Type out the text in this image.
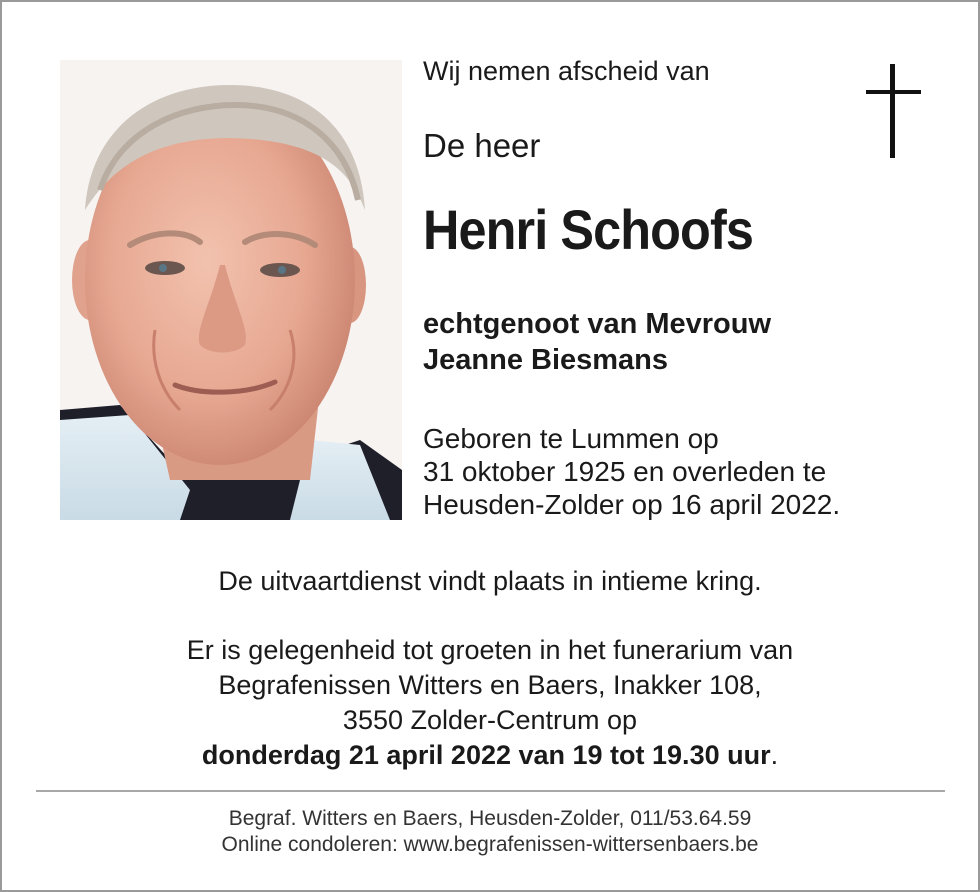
Wij nemen afscheid van
De heer
Henri Schoofs
echtgenoot van Mevrouw
Jeanne Biesmans
Geboren te Lummen op
31 oktober 1925 en overleden te
Heusden-Zolder op 16 april 2022.
De uitvaartdienst vindt plaats in intieme kring.
Er is gelegenheid tot groeten in het funerarium van
Begrafenissen Witters en Baers, Inakker 108,
3550 Zolder-Centrum op
donderdag 21 april 2022 van 19 tot 19.30 uur.
Begraf. Witters en Baers, Heusden-Zolder, 011/53.64.59
Online condoleren: www.begrafenissen-wittersenbaers.be
